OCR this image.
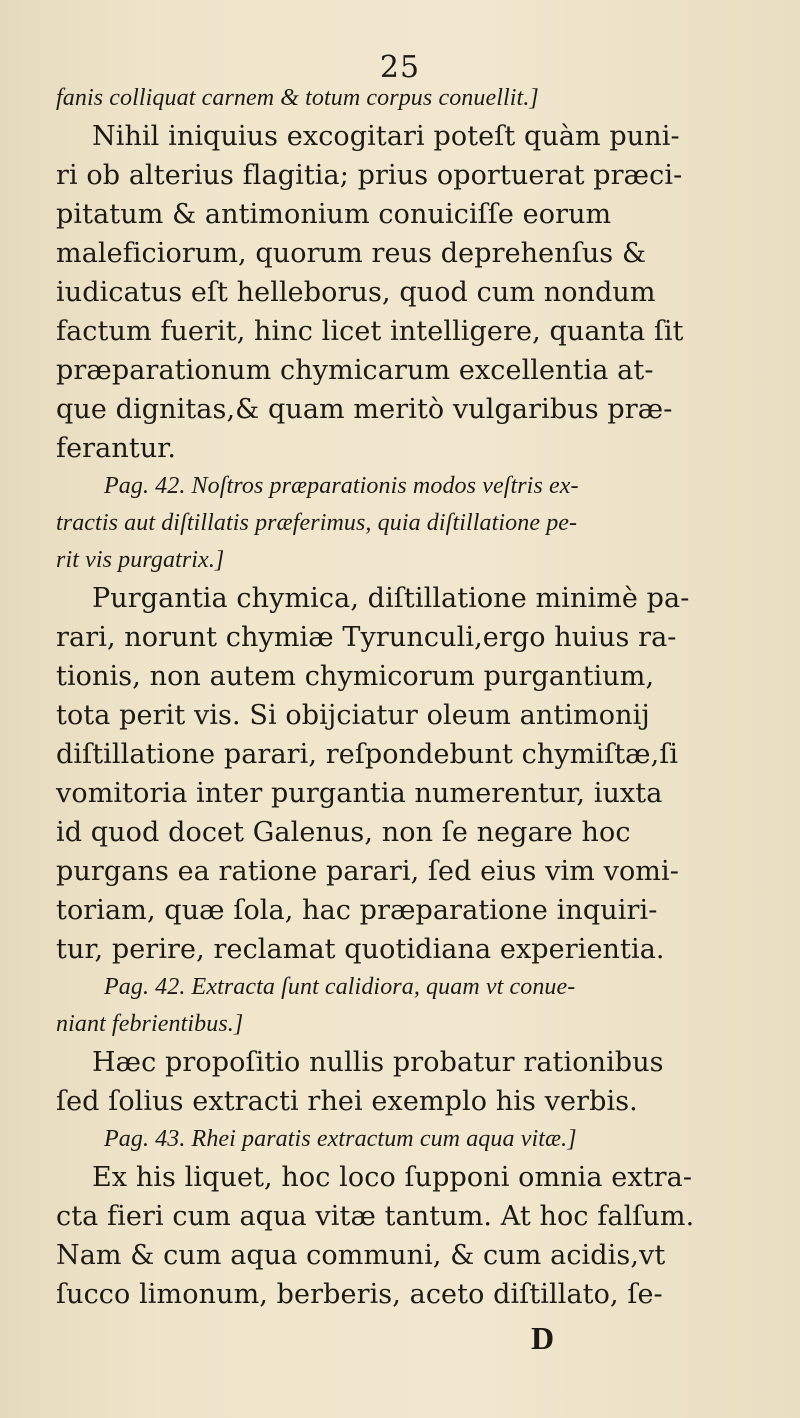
25
fanis colliquat carnem & totum corpus conuellit.]
Nihil iniquius excogitari poteſt quàm puni-
ri ob alterius flagitia; prius oportuerat præci-
pitatum & antimonium conuiciſſe eorum
maleficiorum, quorum reus deprehenſus &
iudicatus eſt helleborus, quod cum nondum
factum fuerit, hinc licet intelligere, quanta ſit
præparationum chymicarum excellentia at-
que dignitas,& quam meritò vulgaribus præ-
ferantur.
Pag. 42. Noſtros præparationis modos veſtris ex-
tractis aut diſtillatis præferimus, quia diſtillatione pe-
rit vis purgatrix.]
Purgantia chymica, diſtillatione minimè pa-
rari, norunt chymiæ Tyrunculi,ergo huius ra-
tionis, non autem chymicorum purgantium,
tota perit vis. Si obijciatur oleum antimonij
diſtillatione parari, reſpondebunt chymiſtæ,ſi
vomitoria inter purgantia numerentur, iuxta
id quod docet Galenus, non ſe negare hoc
purgans ea ratione parari, ſed eius vim vomi-
toriam, quæ ſola, hac præparatione inquiri-
tur, perire, reclamat quotidiana experientia.
Pag. 42. Extracta ſunt calidiora, quam vt conue-
niant febrientibus.]
Hæc propoſitio nullis probatur rationibus
ſed ſolius extracti rhei exemplo his verbis.
Pag. 43. Rhei paratis extractum cum aqua vitæ.]
Ex his liquet, hoc loco ſupponi omnia extra-
cta fieri cum aqua vitæ tantum. At hoc falſum.
Nam & cum aqua communi, & cum acidis,vt
ſucco limonum, berberis, aceto diſtillato, ſe-
D
